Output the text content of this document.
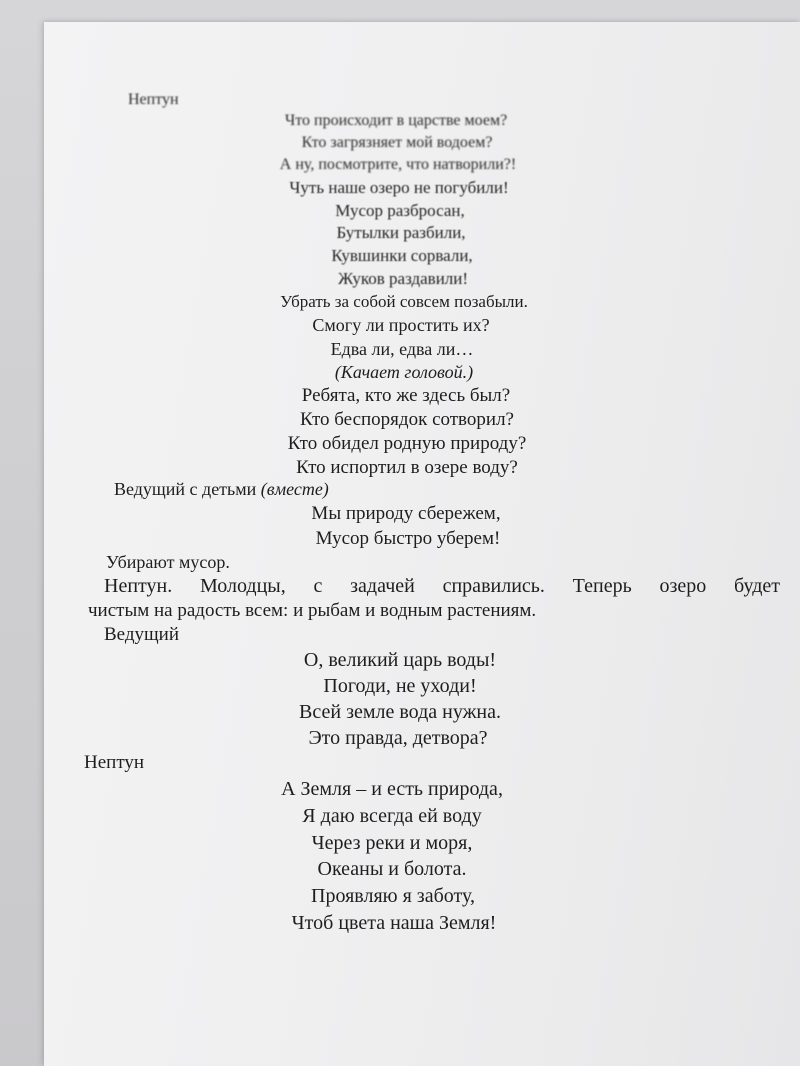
Нептун
Что происходит в царстве моем?
Кто загрязняет мой водоем?
А ну, посмотрите, что натворили?!
Чуть наше озеро не погубили!
Мусор разбросан,
Бутылки разбили,
Кувшинки сорвали,
Жуков раздавили!
Убрать за собой совсем позабыли.
Смогу ли простить их?
Едва ли, едва ли…
(Качает головой.)
Ребята, кто же здесь был?
Кто беспорядок сотворил?
Кто обидел родную природу?
Кто испортил в озере воду?
Ведущий с детьми (вместе)
Мы природу сбережем,
Мусор быстро уберем!
Убирают мусор.
Нептун. Молодцы, с задачей справились. Теперь озеро будет
чистым на радость всем: и рыбам и водным растениям.
Ведущий
О, великий царь воды!
Погоди, не уходи!
Всей земле вода нужна.
Это правда, детвора?
Нептун
А Земля – и есть природа,
Я даю всегда ей воду
Через реки и моря,
Океаны и болота.
Проявляю я заботу,
Чтоб цвета наша Земля!
